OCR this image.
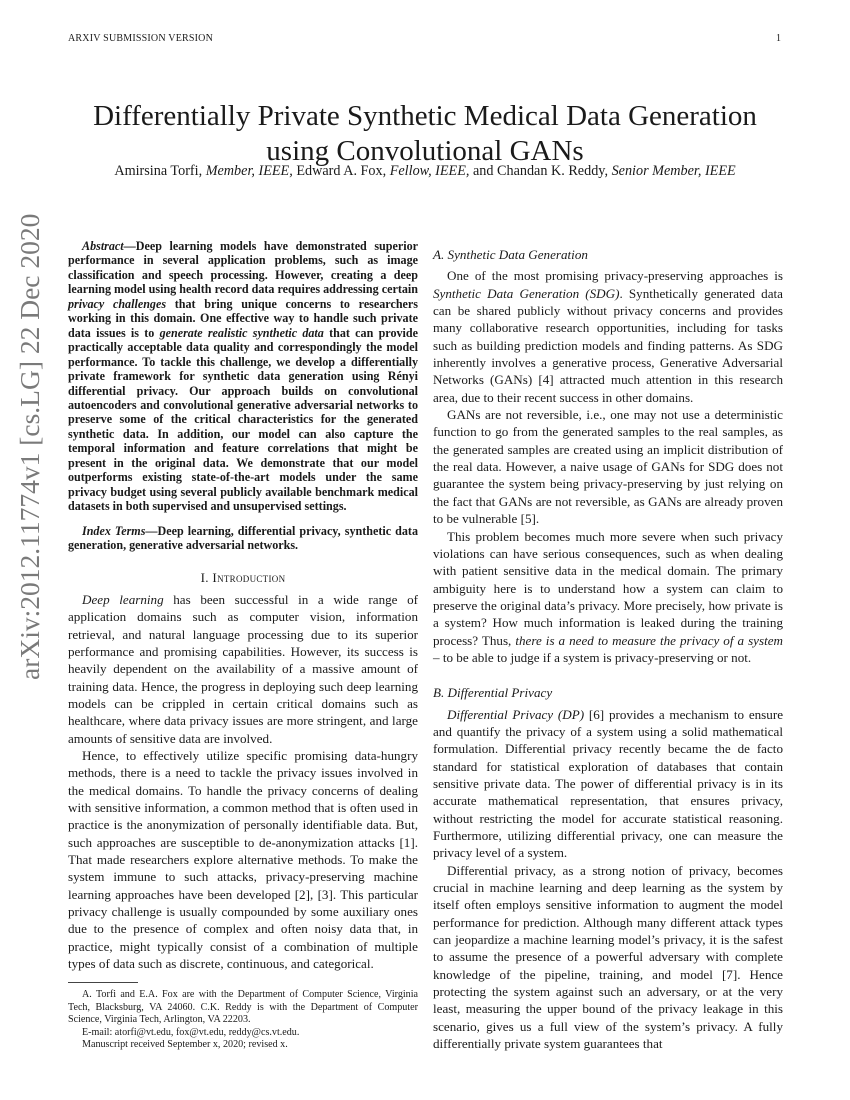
ARXIV SUBMISSION VERSION	1
Differentially Private Synthetic Medical Data Generation using Convolutional GANs
Amirsina Torfi, Member, IEEE, Edward A. Fox, Fellow, IEEE, and Chandan K. Reddy, Senior Member, IEEE
arXiv:2012.11774v1 [cs.LG] 22 Dec 2020	Abstract—Deep learning models have demonstrated superior performance in several application problems, such as image classification and speech processing. However, creating a deep learning model using health record data requires addressing certain privacy challenges that bring unique concerns to researchers working in this domain. One effective way to handle such private data issues is to generate realistic synthetic data that can provide practically acceptable data quality and correspondingly the model performance. To tackle this challenge, we develop a differentially private framework for synthetic data generation using Rényi differential privacy. Our approach builds on convolutional autoencoders and convolutional generative adversarial networks to preserve some of the critical characteristics for the generated synthetic data. In addition, our model can also capture the temporal information and feature correlations that might be present in the original data. We demonstrate that our model outperforms existing state-of-the-art models under the same privacy budget using several publicly available benchmark medical datasets in both supervised and unsupervised settings.
Index Terms—Deep learning, differential privacy, synthetic data generation, generative adversarial networks.
I. Introduction

Deep learning has been successful in a wide range of application domains such as computer vision, information retrieval, and natural language processing due to its superior performance and promising capabilities. However, its success is heavily dependent on the availability of a massive amount of training data. Hence, the progress in deploying such deep learning models can be crippled in certain critical domains such as healthcare, where data privacy issues are more stringent, and large amounts of sensitive data are involved.

Hence, to effectively utilize specific promising data-hungry methods, there is a need to tackle the privacy issues involved in the medical domains. To handle the privacy concerns of dealing with sensitive information, a common method that is often used in practice is the anonymization of personally identifiable data. But, such approaches are susceptible to de-anonymization attacks [1]. That made researchers explore alternative methods. To make the system immune to such attacks, privacy-preserving machine learning approaches have been developed [2], [3]. This particular privacy challenge is usually compounded by some auxiliary ones due to the presence of complex and often noisy data that, in practice, might typically consist of a combination of multiple types of data such as discrete, continuous, and categorical.

A. Torfi and E.A. Fox are with the Department of Computer Science, Virginia Tech, Blacksburg, VA 24060. C.K. Reddy is with the Department of Computer Science, Virginia Tech, Arlington, VA 22203.

E-mail: atorfi@vt.edu, fox@vt.edu, reddy@cs.vt.edu.

Manuscript received September x, 2020; revised x.

A. Synthetic Data Generation

One of the most promising privacy-preserving approaches is Synthetic Data Generation (SDG). Synthetically generated data can be shared publicly without privacy concerns and provides many collaborative research opportunities, including for tasks such as building prediction models and finding patterns. As SDG inherently involves a generative process, Generative Adversarial Networks (GANs) [4] attracted much attention in this research area, due to their recent success in other domains.

GANs are not reversible, i.e., one may not use a deterministic function to go from the generated samples to the real samples, as the generated samples are created using an implicit distribution of the real data. However, a naive usage of GANs for SDG does not guarantee the system being privacy-preserving by just relying on the fact that GANs are not reversible, as GANs are already proven to be vulnerable [5].

This problem becomes much more severe when such privacy violations can have serious consequences, such as when dealing with patient sensitive data in the medical domain. The primary ambiguity here is to understand how a system can claim to preserve the original data’s privacy. More precisely, how private is a system? How much information is leaked during the training process? Thus, there is a need to measure the privacy of a system – to be able to judge if a system is privacy-preserving or not.

B. Differential Privacy

Differential Privacy (DP) [6] provides a mechanism to ensure and quantify the privacy of a system using a solid mathematical formulation. Differential privacy recently became the de facto standard for statistical exploration of databases that contain sensitive private data. The power of differential privacy is in its accurate mathematical representation, that ensures privacy, without restricting the model for accurate statistical reasoning. Furthermore, utilizing differential privacy, one can measure the privacy level of a system.

Differential privacy, as a strong notion of privacy, becomes crucial in machine learning and deep learning as the system by itself often employs sensitive information to augment the model performance for prediction. Although many different attack types can jeopardize a machine learning model’s privacy, it is the safest to assume the presence of a powerful adversary with complete knowledge of the pipeline, training, and model [7]. Hence protecting the system against such an adversary, or at the very least, measuring the upper bound of the privacy leakage in this scenario, gives us a full view of the system’s privacy. A fully differentially private system guarantees that
